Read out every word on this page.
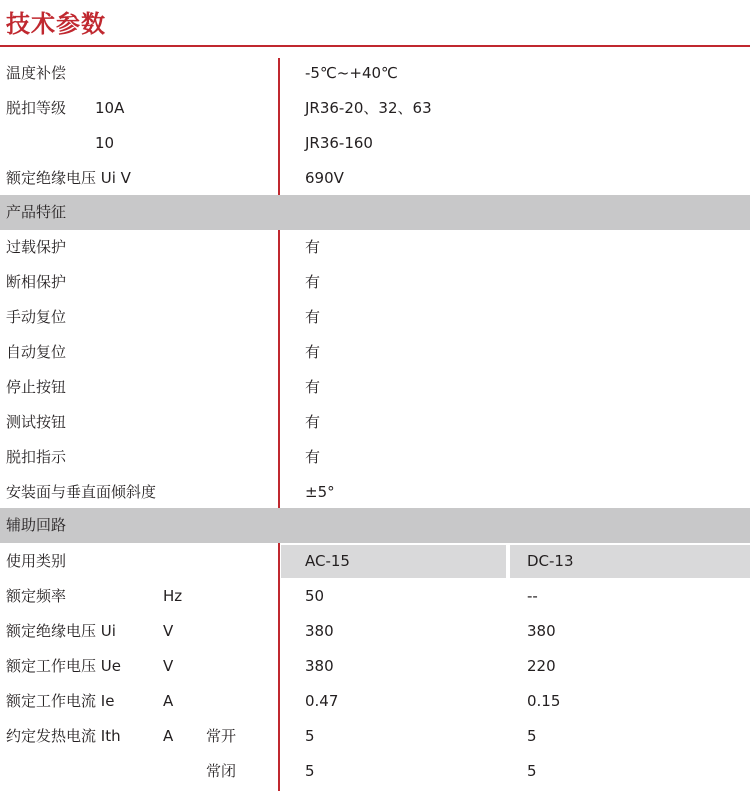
技术参数
温度补偿	-5℃~+40℃
脱扣等级 10A	JR36-20、32、63
10	JR36-160
额定绝缘电压 Ui V	690V
产品特征
过载保护	有
断相保护	有
手动复位	有
自动复位	有
停止按钮	有
测试按钮	有
脱扣指示	有
安装面与垂直面倾斜度	±5°
辅助回路
使用类别	AC-15	DC-13
额定频率	Hz	50	--
额定绝缘电压 Ui	V	380	380
额定工作电压 Ue	V	380	220
额定工作电流 Ie	A	0.47	0.15
约定发热电流 Ith	A 常开	5	5
常闭	5	5
